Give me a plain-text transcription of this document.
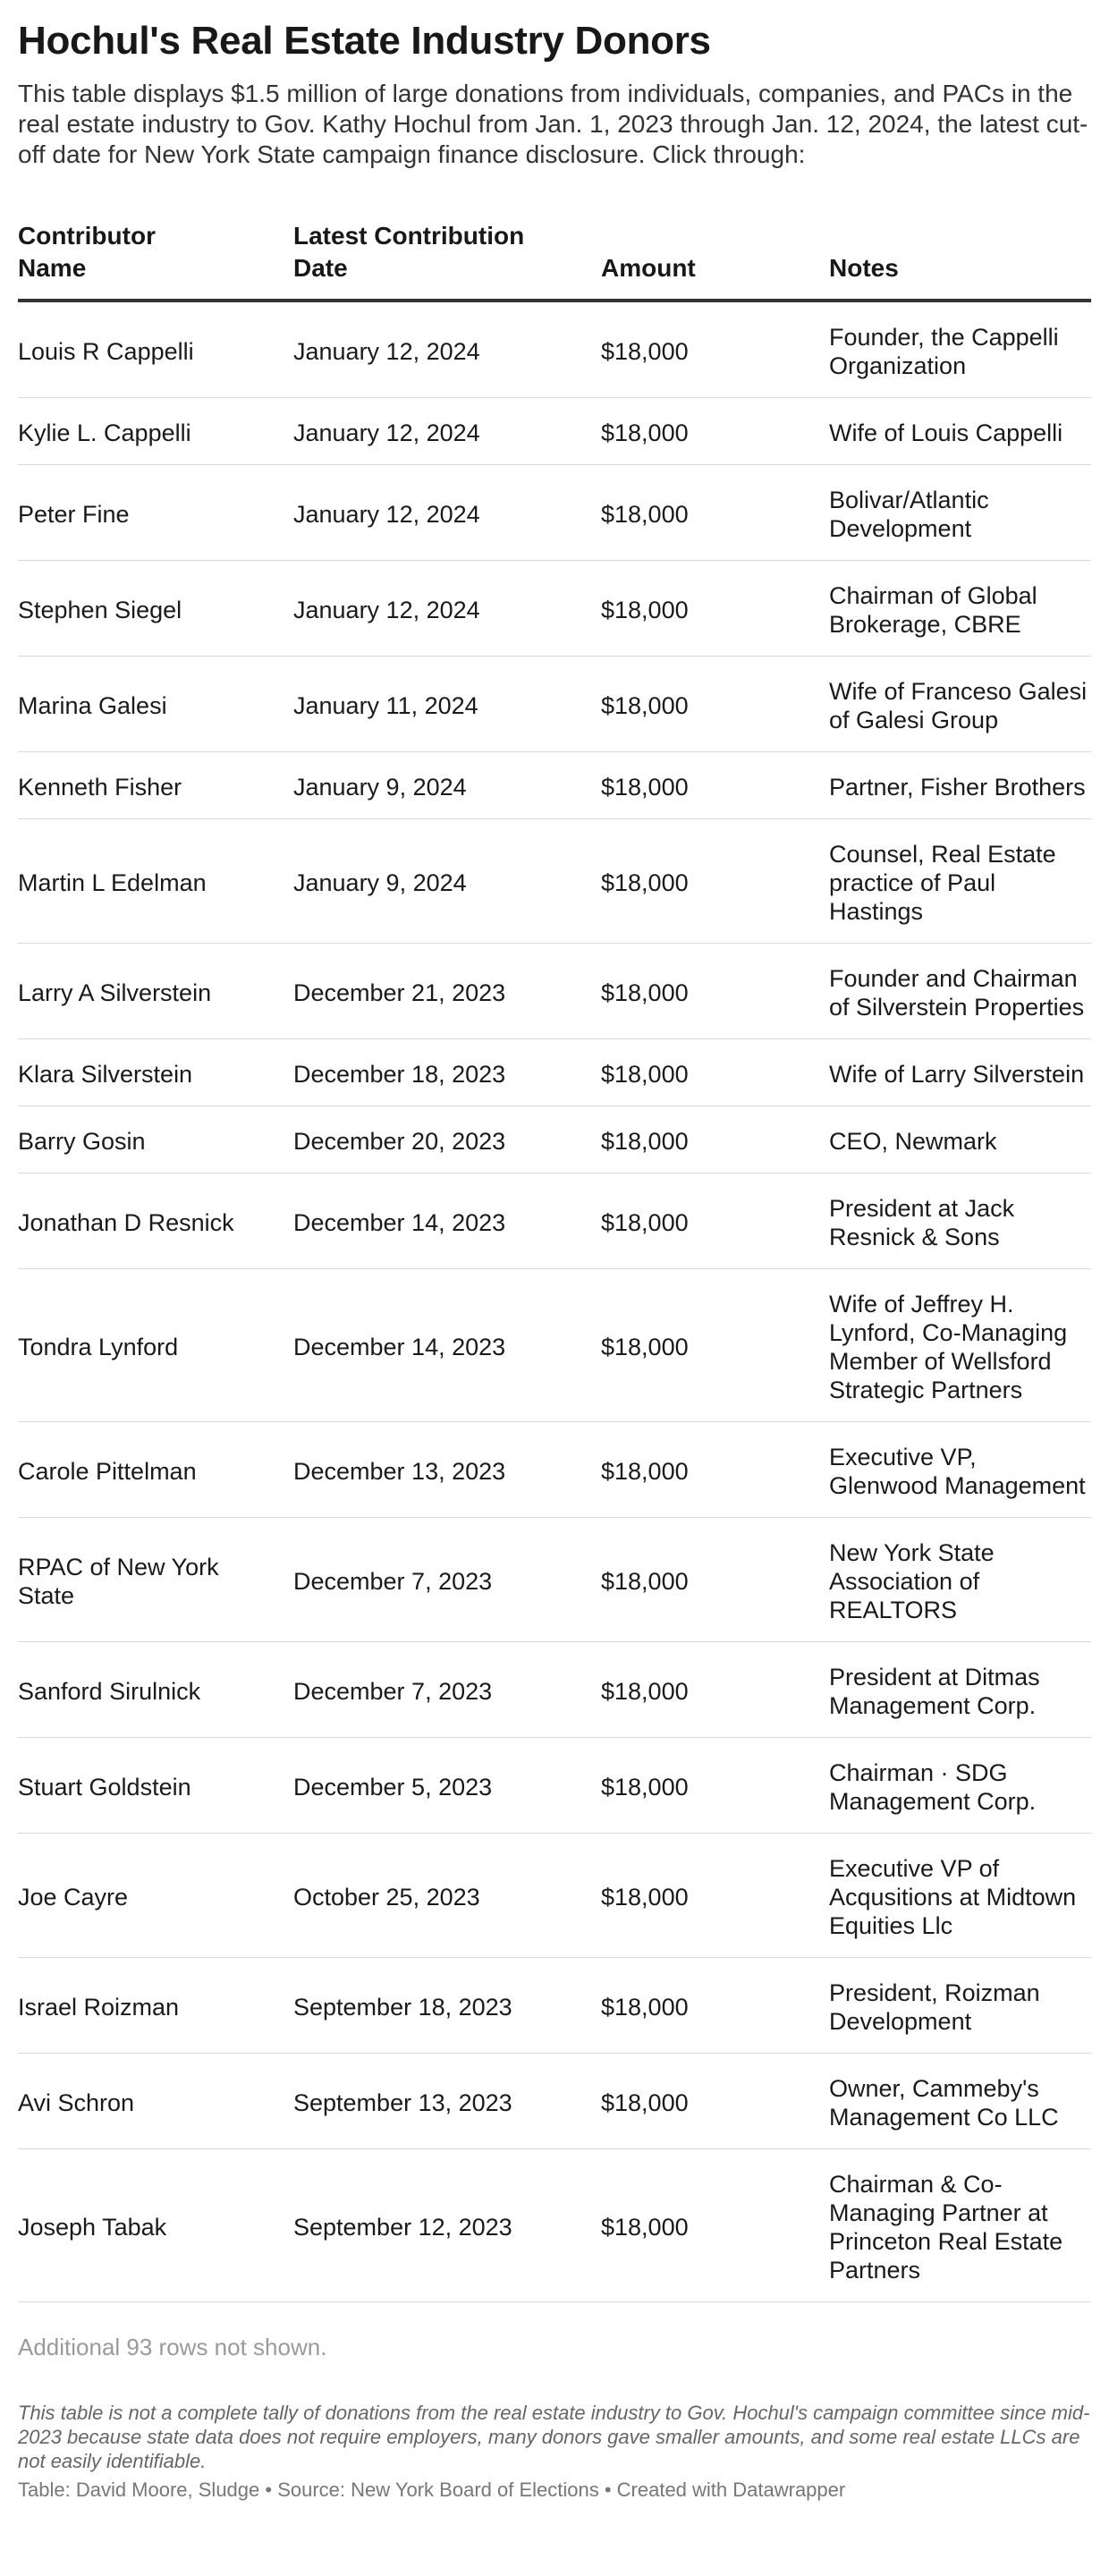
Hochul's Real Estate Industry Donors
This table displays $1.5 million of large donations from individuals, companies, and PACs in the real estate industry to Gov. Kathy Hochul from Jan. 1, 2023 through Jan. 12, 2024, the latest cut-off date for New York State campaign finance disclosure. Click through:
Contributor Name	Latest Contribution Date	Amount	Notes
Louis R Cappelli	January 12, 2024	$18,000	Founder, the Cappelli Organization
Kylie L. Cappelli	January 12, 2024	$18,000	Wife of Louis Cappelli
Peter Fine	January 12, 2024	$18,000	Bolivar/Atlantic Development
Stephen Siegel	January 12, 2024	$18,000	Chairman of Global Brokerage, CBRE
Marina Galesi	January 11, 2024	$18,000	Wife of Franceso Galesi of Galesi Group
Kenneth Fisher	January 9, 2024	$18,000	Partner, Fisher Brothers
Martin L Edelman	January 9, 2024	$18,000	Counsel, Real Estate practice of Paul Hastings
Larry A Silverstein	December 21, 2023	$18,000	Founder and Chairman of Silverstein Properties
Klara Silverstein	December 18, 2023	$18,000	Wife of Larry Silverstein
Barry Gosin	December 20, 2023	$18,000	CEO, Newmark
Jonathan D Resnick	December 14, 2023	$18,000	President at Jack Resnick & Sons
Tondra Lynford	December 14, 2023	$18,000	Wife of Jeffrey H. Lynford, Co-Managing Member of Wellsford Strategic Partners
Carole Pittelman	December 13, 2023	$18,000	Executive VP, Glenwood Management
RPAC of New York State	December 7, 2023	$18,000	New York State Association of REALTORS
Sanford Sirulnick	December 7, 2023	$18,000	President at Ditmas Management Corp.
Stuart Goldstein	December 5, 2023	$18,000	Chairman · SDG Management Corp.
Joe Cayre	October 25, 2023	$18,000	Executive VP of Acqusitions at Midtown Equities Llc
Israel Roizman	September 18, 2023	$18,000	President, Roizman Development
Avi Schron	September 13, 2023	$18,000	Owner, Cammeby's Management Co LLC
Joseph Tabak	September 12, 2023	$18,000	Chairman & Co-Managing Partner at Princeton Real Estate Partners
Additional 93 rows not shown.
This table is not a complete tally of donations from the real estate industry to Gov. Hochul's campaign committee since mid-2023 because state data does not require employers, many donors gave smaller amounts, and some real estate LLCs are not easily identifiable.
Table: David Moore, Sludge • Source: New York Board of Elections • Created with Datawrapper
